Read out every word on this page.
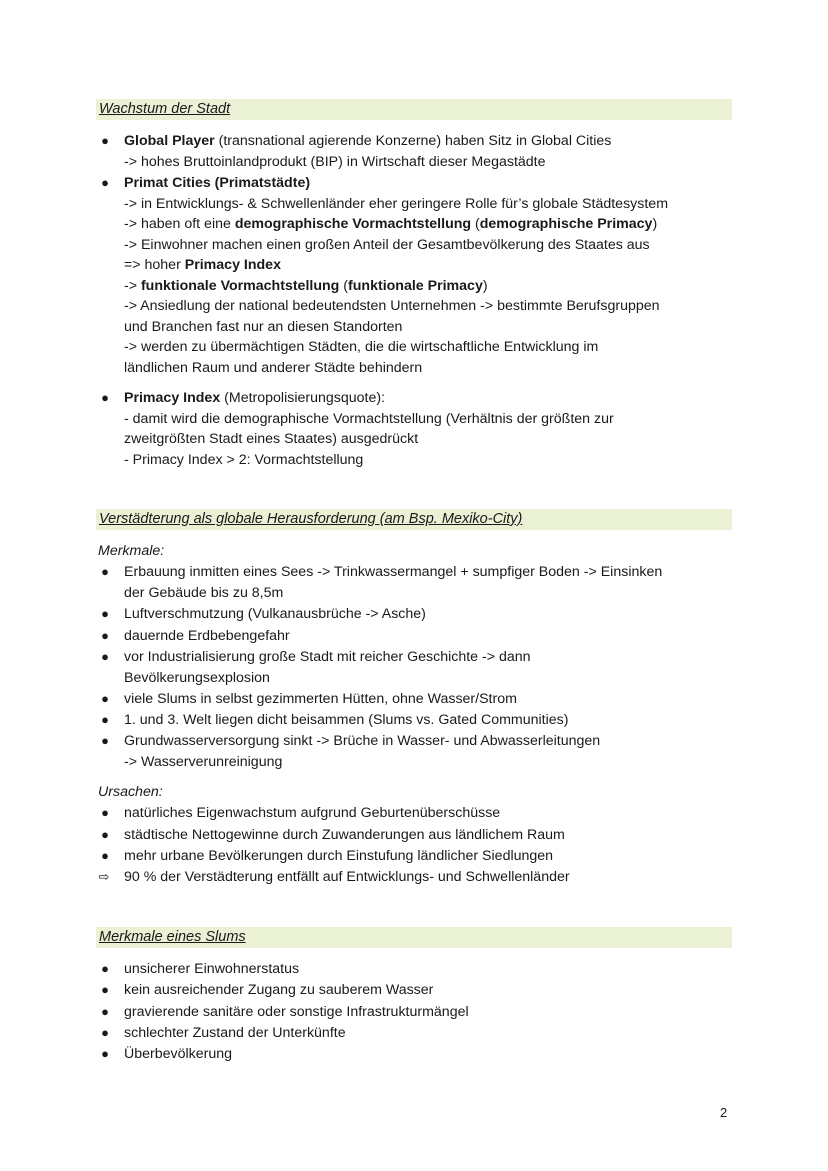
Wachstum der Stadt
● Global Player (transnational agierende Konzerne) haben Sitz in Global Cities
-> hohes Bruttoinlandprodukt (BIP) in Wirtschaft dieser Megastädte
● Primat Cities (Primatstädte)
-> in Entwicklungs- & Schwellenländer eher geringere Rolle für’s globale Städtesystem
-> haben oft eine demographische Vormachtstellung (demographische Primacy)
-> Einwohner machen einen großen Anteil der Gesamtbevölkerung des Staates aus
=> hoher Primacy Index
-> funktionale Vormachtstellung (funktionale Primacy)
-> Ansiedlung der national bedeutendsten Unternehmen -> bestimmte Berufsgruppen
und Branchen fast nur an diesen Standorten
-> werden zu übermächtigen Städten, die die wirtschaftliche Entwicklung im
ländlichen Raum und anderer Städte behindern
● Primacy Index (Metropolisierungsquote):
- damit wird die demographische Vormachtstellung (Verhältnis der größten zur
zweitgrößten Stadt eines Staates) ausgedrückt
- Primacy Index > 2: Vormachtstellung
Verstädterung als globale Herausforderung (am Bsp. Mexiko-City)
Merkmale:
● Erbauung inmitten eines Sees -> Trinkwassermangel + sumpfiger Boden -> Einsinken
der Gebäude bis zu 8,5m
● Luftverschmutzung (Vulkanausbrüche -> Asche)
● dauernde Erdbebengefahr
● vor Industrialisierung große Stadt mit reicher Geschichte -> dann
Bevölkerungsexplosion
● viele Slums in selbst gezimmerten Hütten, ohne Wasser/Strom
● 1. und 3. Welt liegen dicht beisammen (Slums vs. Gated Communities)
● Grundwasserversorgung sinkt -> Brüche in Wasser- und Abwasserleitungen
-> Wasserverunreinigung
Ursachen:
● natürliches Eigenwachstum aufgrund Geburtenüberschüsse
● städtische Nettogewinne durch Zuwanderungen aus ländlichem Raum
● mehr urbane Bevölkerungen durch Einstufung ländlicher Siedlungen
⇨ 90 % der Verstädterung entfällt auf Entwicklungs- und Schwellenländer
Merkmale eines Slums
● unsicherer Einwohnerstatus
● kein ausreichender Zugang zu sauberem Wasser
● gravierende sanitäre oder sonstige Infrastrukturmängel
● schlechter Zustand der Unterkünfte
● Überbevölkerung
2
